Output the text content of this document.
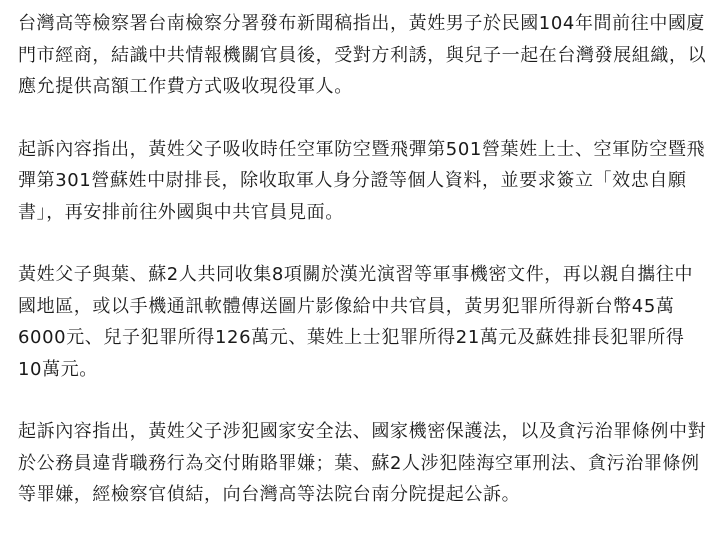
台灣高等檢察署台南檢察分署發布新聞稿指出，黃姓男子於民國104年間前往中國廈門市經商，結識中共情報機關官員後，受對方利誘，與兒子一起在台灣發展組織，以應允提供高額工作費方式吸收現役軍人。

起訴內容指出，黃姓父子吸收時任空軍防空暨飛彈第501營葉姓上士、空軍防空暨飛彈第301營蘇姓中尉排長，除收取軍人身分證等個人資料，並要求簽立「效忠自願書」，再安排前往外國與中共官員見面。

黃姓父子與葉、蘇2人共同收集8項關於漢光演習等軍事機密文件，再以親自攜往中國地區，或以手機通訊軟體傳送圖片影像給中共官員，黃男犯罪所得新台幣45萬6000元、兒子犯罪所得126萬元、葉姓上士犯罪所得21萬元及蘇姓排長犯罪所得10萬元。

起訴內容指出，黃姓父子涉犯國家安全法、國家機密保護法，以及貪污治罪條例中對於公務員違背職務行為交付賄賂罪嫌；葉、蘇2人涉犯陸海空軍刑法、貪污治罪條例等罪嫌，經檢察官偵結，向台灣高等法院台南分院提起公訴。
